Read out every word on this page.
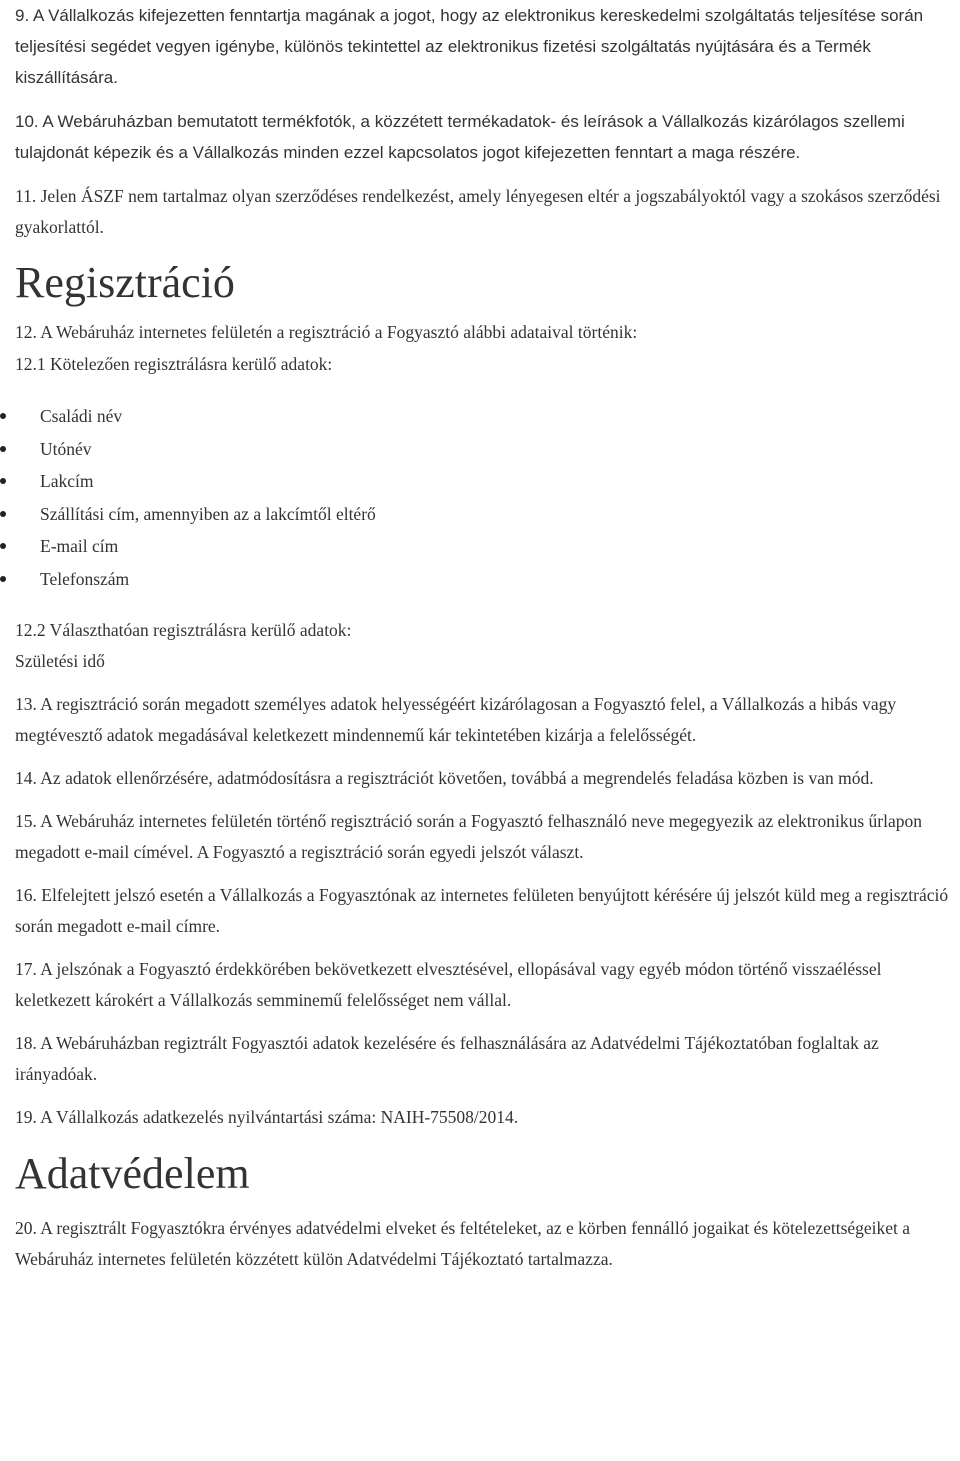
9. A Vállalkozás kifejezetten fenntartja magának a jogot, hogy az elektronikus kereskedelmi szolgáltatás teljesítése során teljesítési segédet vegyen igénybe, különös tekintettel az elektronikus fizetési szolgáltatás nyújtására és a Termék kiszállítására.

10. A Webáruházban bemutatott termékfotók, a közzétett termékadatok- és leírások a Vállalkozás kizárólagos szellemi tulajdonát képezik és a Vállalkozás minden ezzel kapcsolatos jogot kifejezetten fenntart a maga részére.

11. Jelen ÁSZF nem tartalmaz olyan szerződéses rendelkezést, amely lényegesen eltér a jogszabályoktól vagy a szokásos szerződési gyakorlattól.

Regisztráció

12. A Webáruház internetes felületén a regisztráció a Fogyasztó alábbi adataival történik:

12.1 Kötelezően regisztrálásra kerülő adatok:

Családi név
Utónév
Lakcím
Szállítási cím, amennyiben az a lakcímtől eltérő
E-mail cím
Telefonszám

12.2 Választhatóan regisztrálásra kerülő adatok:

Születési idő

13. A regisztráció során megadott személyes adatok helyességéért kizárólagosan a Fogyasztó felel, a Vállalkozás a hibás vagy megtévesztő adatok megadásával keletkezett mindennemű kár tekintetében kizárja a felelősségét.

14. Az adatok ellenőrzésére, adatmódosításra a regisztrációt követően, továbbá a megrendelés feladása közben is van mód.

15. A Webáruház internetes felületén történő regisztráció során a Fogyasztó felhasználó neve megegyezik az elektronikus űrlapon megadott e-mail címével. A Fogyasztó a regisztráció során egyedi jelszót választ.

16. Elfelejtett jelszó esetén a Vállalkozás a Fogyasztónak az internetes felületen benyújtott kérésére új jelszót küld meg a regisztráció során megadott e-mail címre.

17. A jelszónak a Fogyasztó érdekkörében bekövetkezett elvesztésével, ellopásával vagy egyéb módon történő visszaéléssel keletkezett károkért a Vállalkozás semminemű felelősséget nem vállal.

18. A Webáruházban regiztrált Fogyasztói adatok kezelésére és felhasználására az Adatvédelmi Tájékoztatóban foglaltak az irányadóak.

19. A Vállalkozás adatkezelés nyilvántartási száma: NAIH-75508/2014.

Adatvédelem

20. A regisztrált Fogyasztókra érvényes adatvédelmi elveket és feltételeket, az e körben fennálló jogaikat és kötelezettségeiket a Webáruház internetes felületén közzétett külön Adatvédelmi Tájékoztató tartalmazza.
